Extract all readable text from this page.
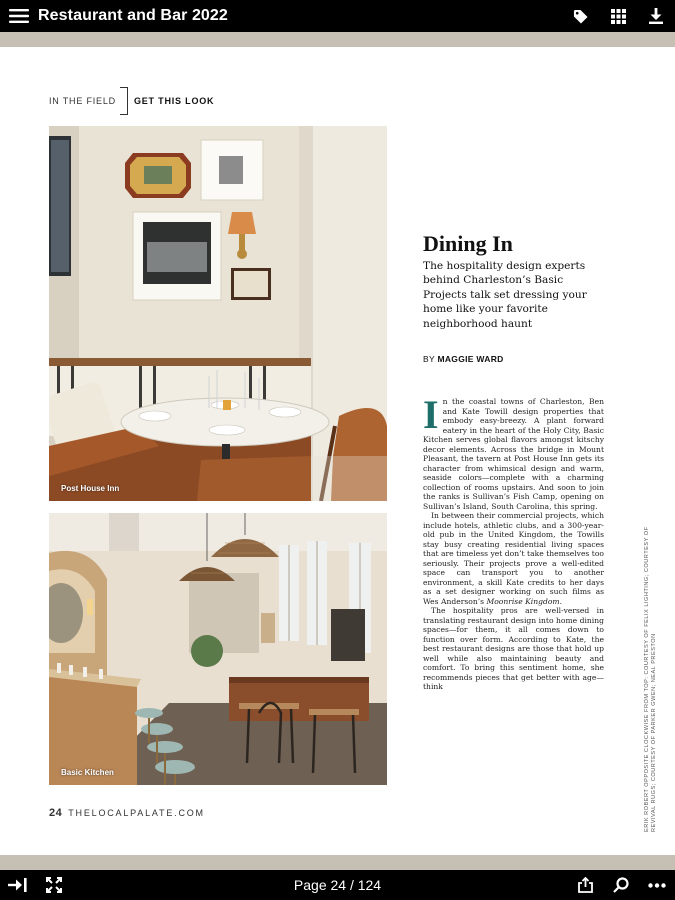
Restaurant and Bar 2022
IN THE FIELD GET THIS LOOK
Post House Inn
Basic Kitchen
Dining In
The hospitality design experts behind Charleston’s Basic Projects talk set dressing your home like your favorite neighborhood haunt
BY MAGGIE WARD

In the coastal towns of Charleston, Ben and Kate Towill design properties that embody easy-breezy. A plant forward eatery in the heart of the Holy City, Basic Kitchen serves global flavors amongst kitschy decor elements. Across the bridge in Mount Pleasant, the tavern at Post House Inn gets its character from whimsical design and warm, seaside colors—complete with a charming collection of rooms upstairs. And soon to join the ranks is Sullivan’s Fish Camp, opening on Sullivan’s Island, South Carolina, this spring.

In between their commercial projects, which include hotels, athletic clubs, and a 300-year-old pub in the United Kingdom, the Towills stay busy creating residential living spaces that are timeless yet don’t take themselves too seriously. Their projects prove a well-edited space can transport you to another environment, a skill Kate credits to her days as a set designer working on such films as Wes Anderson’s Moonrise Kingdom.

The hospitality pros are well-versed in translating restaurant design into home dining spaces—for them, it all comes down to function over form. According to Kate, the best restaurant designs are those that hold up well while also maintaining beauty and comfort. To bring this sentiment home, she recommends pieces that get better with age—think	ERIK ROBERT OPPOSITE CLOCKWISE FROM TOP: COURTESY OF FELIX LIGHTING; COURTESY OF REVIVAL RUGS; COURTESY OF PARKER GWEN; NEAL PRESTON
24 THELOCALPALATE.COM
Page 24 / 124
